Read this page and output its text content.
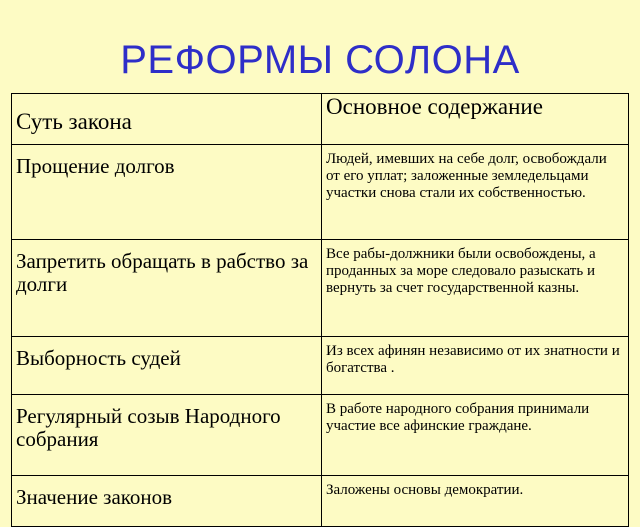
РЕФОРМЫ СОЛОНА
Суть закона	Основное содержание
Прощение долгов	Людей, имевших на себе долг, освобождали от его уплат; заложенные земледельцами участки снова стали их собственностью.
Запретить обращать в рабство за долги	Все рабы-должники были освобождены, а проданных за море следовало разыскать и вернуть за счет государственной казны.
Выборность судей	Из всех афинян независимо от их знатности и богатства .
Регулярный созыв Народного собрания	В работе народного собрания принимали участие все афинские граждане.
Значение законов	Заложены основы демократии.
